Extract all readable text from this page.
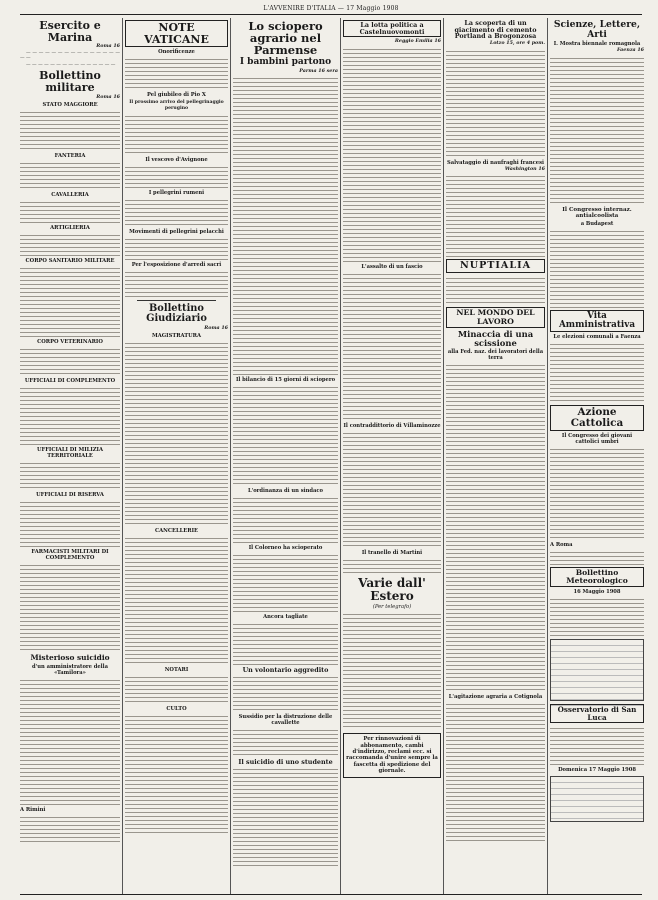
L'AVVENIRE D'ITALIA — 17 Maggio 1908
Esercito e Marina
Roma 16

— — — — — — — — — — — — — — — — —

— — — — — — — — — — — — — — —

Bollettino militare
Roma 16
STATO MAGGIORE
FANTERIA
CAVALLERIA
ARTIGLIERIA
CORPO SANITARIO MILITARE
CORPO VETERINARIO
UFFICIALI DI COMPLEMENTO
UFFICIALI DI MILIZIA TERRITORIALE
UFFICIALI DI RISERVA
FARMACISTI MILITARI DI COMPLEMENTO
Misterioso suicidio
d'un amministratore della «Tamilora»
A Rimini
NOTE VATICANE
Onorificenze
Pel giubileo di Pio X
Il prossimo arrivo del pellegrinaggio perugino
Il vescovo d'Avignone
I pellegrini rumeni
Movimenti di pellegrini pelacchi
Per l'esposizione d'arredi sacri
Bollettino Giudiziario
Roma 16
MAGISTRATURA
CANCELLERIE
NOTARI
CULTO
Lo sciopero agrario nel Parmense
I bambini partono
Parma 16 sera
Il bilancio di 15 giorni di sciopero
L'ordinanza di un sindaco
Il Colorneo ha scioperato
Ancora tagliate
Un volontario aggredito
Sussidio per la distruzione delle cavallette
Il suicidio di uno studente
La lotta politica a Castelnuovomonti
Reggio Emilia 16
L'assalto di un fascio
Il contraddittorio di Villaminozze
Il tranello di Martini
Varie dall' Estero
(Per telegrafo)
Per rinnovazioni di abbonamento, cambi d'indirizzo, reclami ecc. si raccomanda d'unire sempre la fascetta di spedizione del giornale.
La scoperta di un giacimento di cemento Portland a Brogonzosa
Lotzo 15, ore 4 pom.
Salvataggio di naufraghi francesi
Washington 16
NUPTIALIA
NEL MONDO DEL LAVORO
Minaccia di una scissione
alla Fed. naz. dei lavoratori della terra
L'agitazione agraria a Cotignola
Scienze, Lettere, Arti
I. Mostra biennale romagnola
Faenza 16
Il Congresso internaz. antialcoolista
a Budapest
Vita Amministrativa
Le elezioni comunali a Faenza
Azione Cattolica
Il Congresso dei giovani cattolici umbri
A Roma
Bollettino Meteorologico
16 Maggio 1908
Osservatorio di San Luca
Domenica 17 Maggio 1908
